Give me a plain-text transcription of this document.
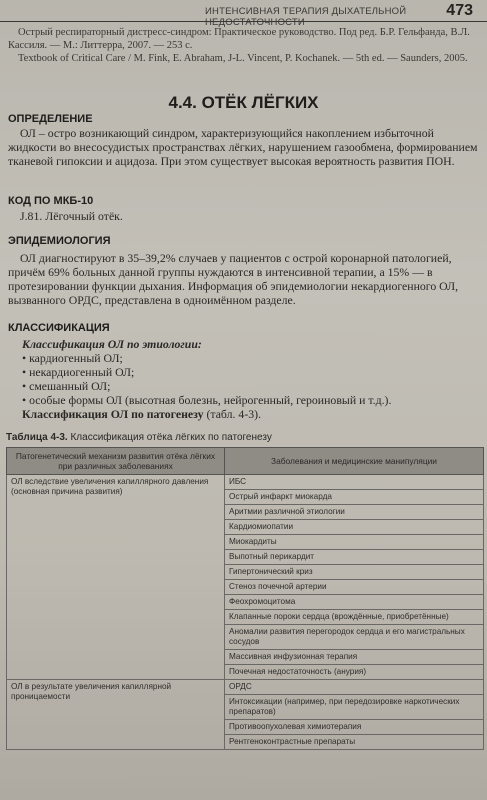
ИНТЕНСИВНАЯ ТЕРАПИЯ ДЫХАТЕЛЬНОЙ НЕДОСТАТОЧНОСТИ
473

Острый респираторный дистресс-синдром: Практическое руководство. Под ред. Б.Р. Гельфанда, В.Л. Кассиля. — М.: Литтерра, 2007. — 253 с.

Textbook of Critical Care / M. Fink, E. Abraham, J-L. Vincent, P. Kochanek. — 5th ed. — Saunders, 2005.

4.4. ОТЁК ЛЁГКИХ
ОПРЕДЕЛЕНИЕ
ОЛ – остро возникающий синдром, характеризующийся накоплением избыточной жидкости во внесосудистых пространствах лёгких, нарушением газообмена, формированием тканевой гипоксии и ацидоза. При этом существует высокая вероятность развития ПОН.
КОД ПО МКБ-10
J.81. Лёгочный отёк.
ЭПИДЕМИОЛОГИЯ
ОЛ диагностируют в 35–39,2% случаев у пациентов с острой коронарной патологией, причём 69% больных данной группы нуждаются в интенсивной терапии, а 15% — в протезировании функции дыхания. Информация об эпидемиологии некардиогенного ОЛ, вызванного ОРДС, представлена в одноимённом разделе.
КЛАССИФИКАЦИЯ
Классификация ОЛ по этиологии:
• кардиогенный ОЛ;
• некардиогенный ОЛ;
• смешанный ОЛ;
• особые формы ОЛ (высотная болезнь, нейрогенный, героиновый и т.д.).
Классификация ОЛ по патогенезу (табл. 4-3).
Таблица 4-3. Классификация отёка лёгких по патогенезу
Патогенетический механизм развития отёка лёгких при различных заболеваниях	Заболевания и медицинские манипуляции
ОЛ вследствие увеличения капиллярного давления (основная причина развития)	ИБС
	Острый инфаркт миокарда
	Аритмии различной этиологии
	Кардиомиопатии
	Миокардиты
	Выпотный перикардит
	Гипертонический криз
	Стеноз почечной артерии
	Феохромоцитома
	Клапанные пороки сердца (врождённые, приобретённые)
	Аномалии развития перегородок сердца и его магистральных сосудов
	Массивная инфузионная терапия
	Почечная недостаточность (анурия)
ОЛ в результате увеличения капиллярной проницаемости	ОРДС
	Интоксикации (например, при передозировке наркотических препаратов)
	Противоопухолевая химиотерапия
	Рентгеноконтрастные препараты
